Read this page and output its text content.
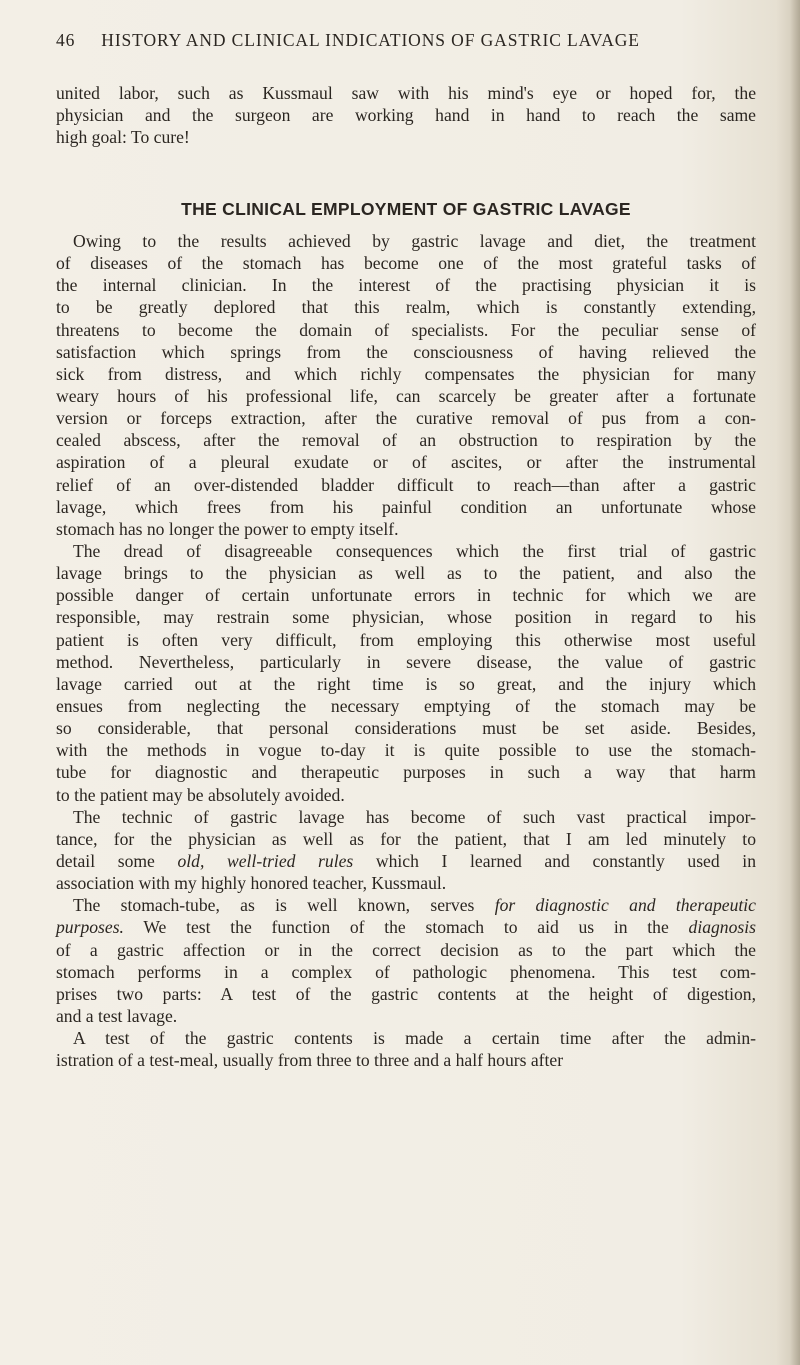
46 HISTORY AND CLINICAL INDICATIONS OF GASTRIC LAVAGE
united labor, such as Kussmaul saw with his mind's eye or hoped for, the
physician and the surgeon are working hand in hand to reach the same
high goal: To cure!
THE CLINICAL EMPLOYMENT OF GASTRIC LAVAGE
Owing to the results achieved by gastric lavage and diet, the treatment
of diseases of the stomach has become one of the most grateful tasks of
the internal clinician. In the interest of the practising physician it is
to be greatly deplored that this realm, which is constantly extending,
threatens to become the domain of specialists. For the peculiar sense of
satisfaction which springs from the consciousness of having relieved the
sick from distress, and which richly compensates the physician for many
weary hours of his professional life, can scarcely be greater after a fortunate
version or forceps extraction, after the curative removal of pus from a con-
cealed abscess, after the removal of an obstruction to respiration by the
aspiration of a pleural exudate or of ascites, or after the instrumental
relief of an over-distended bladder difficult to reach—than after a gastric
lavage, which frees from his painful condition an unfortunate whose
stomach has no longer the power to empty itself.
The dread of disagreeable consequences which the first trial of gastric
lavage brings to the physician as well as to the patient, and also the
possible danger of certain unfortunate errors in technic for which we are
responsible, may restrain some physician, whose position in regard to his
patient is often very difficult, from employing this otherwise most useful
method. Nevertheless, particularly in severe disease, the value of gastric
lavage carried out at the right time is so great, and the injury which
ensues from neglecting the necessary emptying of the stomach may be
so considerable, that personal considerations must be set aside. Besides,
with the methods in vogue to-day it is quite possible to use the stomach-
tube for diagnostic and therapeutic purposes in such a way that harm
to the patient may be absolutely avoided.
The technic of gastric lavage has become of such vast practical impor-
tance, for the physician as well as for the patient, that I am led minutely to
detail some old, well-tried rules which I learned and constantly used in
association with my highly honored teacher, Kussmaul.
The stomach-tube, as is well known, serves for diagnostic and therapeutic
purposes. We test the function of the stomach to aid us in the diagnosis
of a gastric affection or in the correct decision as to the part which the
stomach performs in a complex of pathologic phenomena. This test com-
prises two parts: A test of the gastric contents at the height of digestion,
and a test lavage.
A test of the gastric contents is made a certain time after the admin-
istration of a test-meal, usually from three to three and a half hours after
